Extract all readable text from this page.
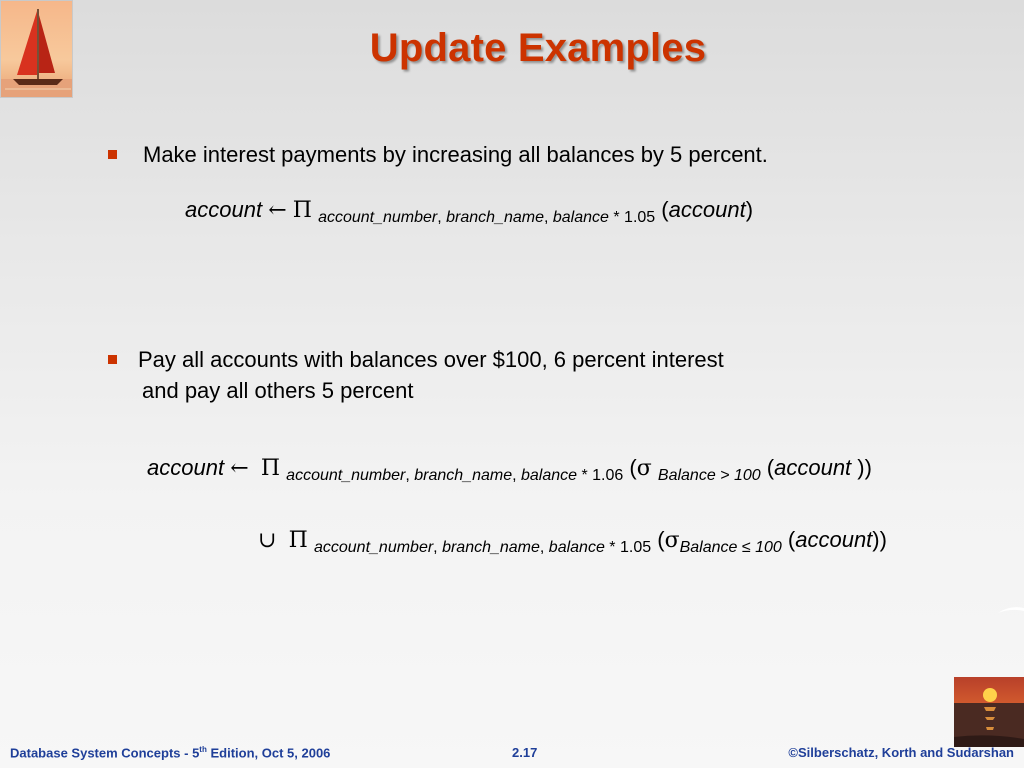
Update Examples
Make interest payments by increasing all balances by 5 percent.
account ← Π $_{account\_number, branch\_name, balance * 1.05}$ (account)
Pay all accounts with balances over $100, 6 percent interest
and pay all others 5 percent
account ← Π $_{account\_number, branch\_name, balance * 1.06}$ (σ $_{Balance > 100}$ (account ))
∪ Π $_{account\_number, branch\_name, balance * 1.05}$ ($\sigma_{Balance \le 100}$ (account))
Database System Concepts - 5th Edition, Oct 5, 2006	2.17	©Silberschatz, Korth and Sudarshan
